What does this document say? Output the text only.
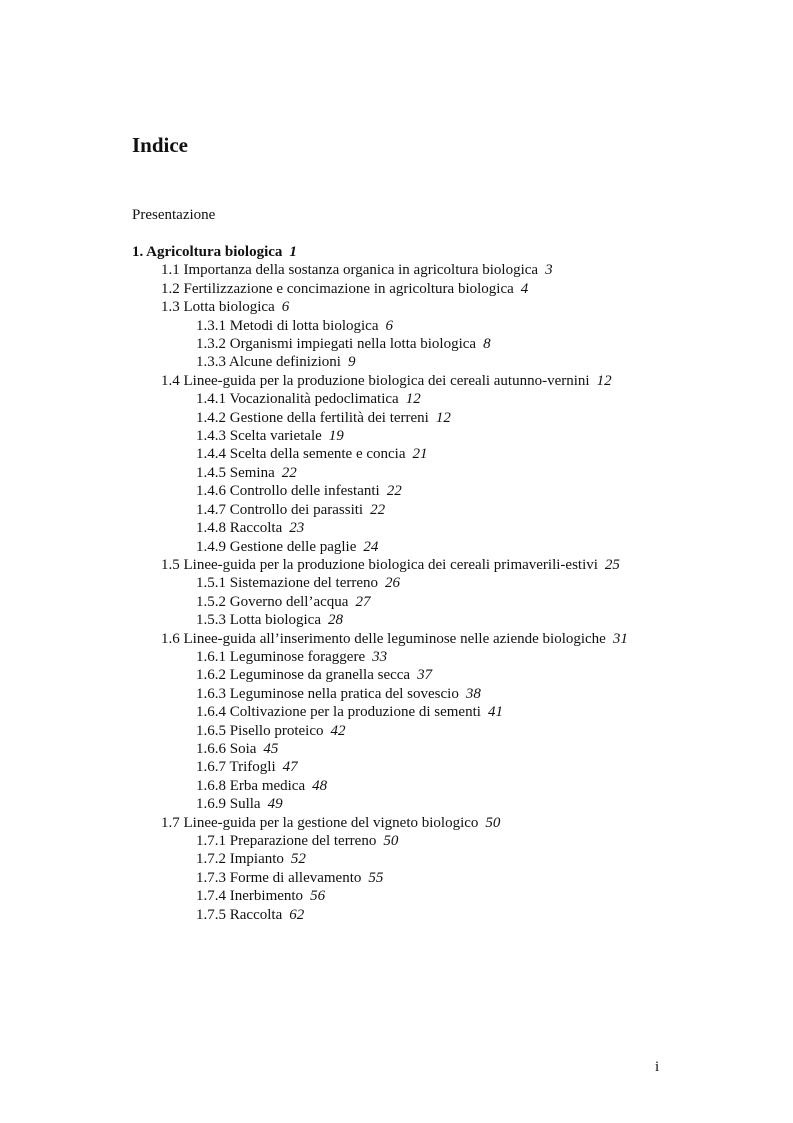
Indice
Presentazione
1. Agricoltura biologica 1
1.1 Importanza della sostanza organica in agricoltura biologica 3
1.2 Fertilizzazione e concimazione in agricoltura biologica 4
1.3 Lotta biologica 6
1.3.1 Metodi di lotta biologica 6
1.3.2 Organismi impiegati nella lotta biologica 8
1.3.3 Alcune definizioni 9
1.4 Linee-guida per la produzione biologica dei cereali autunno-vernini 12
1.4.1 Vocazionalità pedoclimatica 12
1.4.2 Gestione della fertilità dei terreni 12
1.4.3 Scelta varietale 19
1.4.4 Scelta della semente e concia 21
1.4.5 Semina 22
1.4.6 Controllo delle infestanti 22
1.4.7 Controllo dei parassiti 22
1.4.8 Raccolta 23
1.4.9 Gestione delle paglie 24
1.5 Linee-guida per la produzione biologica dei cereali primaverili-estivi 25
1.5.1 Sistemazione del terreno 26
1.5.2 Governo dell’acqua 27
1.5.3 Lotta biologica 28
1.6 Linee-guida all’inserimento delle leguminose nelle aziende biologiche 31
1.6.1 Leguminose foraggere 33
1.6.2 Leguminose da granella secca 37
1.6.3 Leguminose nella pratica del sovescio 38
1.6.4 Coltivazione per la produzione di sementi 41
1.6.5 Pisello proteico 42
1.6.6 Soia 45
1.6.7 Trifogli 47
1.6.8 Erba medica 48
1.6.9 Sulla 49
1.7 Linee-guida per la gestione del vigneto biologico 50
1.7.1 Preparazione del terreno 50
1.7.2 Impianto 52
1.7.3 Forme di allevamento 55
1.7.4 Inerbimento 56
1.7.5 Raccolta 62
i
